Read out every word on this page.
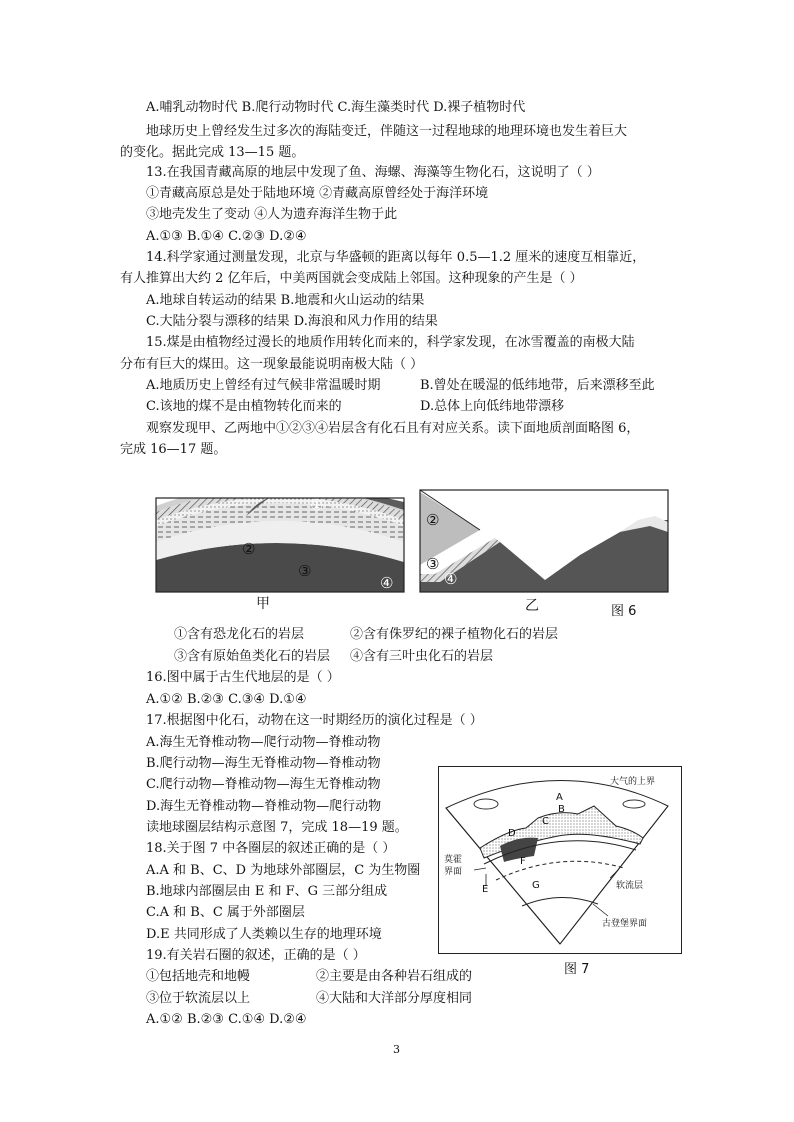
A.哺乳动物时代 B.爬行动物时代 C.海生藻类时代 D.裸子植物时代
地球历史上曾经发生过多次的海陆变迁，伴随这一过程地球的地理环境也发生着巨大
的变化。据此完成 13—15 题。
13.在我国青藏高原的地层中发现了鱼、海螺、海藻等生物化石，这说明了（ ）
①青藏高原总是处于陆地环境 ②青藏高原曾经处于海洋环境
③地壳发生了变动 ④人为遗弃海洋生物于此
A.①③ B.①④ C.②③ D.②④
14.科学家通过测量发现，北京与华盛顿的距离以每年 0.5—1.2 厘米的速度互相靠近，
有人推算出大约 2 亿年后，中美两国就会变成陆上邻国。这种现象的产生是（ ）
A.地球自转运动的结果 B.地震和火山运动的结果
C.大陆分裂与漂移的结果 D.海浪和风力作用的结果
15.煤是由植物经过漫长的地质作用转化而来的，科学家发现，在冰雪覆盖的南极大陆
分布有巨大的煤田。这一现象最能说明南极大陆（ ）
A.地质历史上曾经有过气候非常温暖时期	B.曾处在暖湿的低纬地带，后来漂移至此
C.该地的煤不是由植物转化而来的	D.总体上向低纬地带漂移
观察发现甲、乙两地中①②③④岩层含有化石且有对应关系。读下面地质剖面略图 6，
完成 16—17 题。
①
②
③
④
②
③
④
甲	乙	图 6
①含有恐龙化石的岩层	②含有侏罗纪的裸子植物化石的岩层
③含有原始鱼类化石的岩层 ④含有三叶虫化石的岩层
16.图中属于古生代地层的是（ ）
A.①② B.②③ C.③④ D.①④
17.根据图中化石，动物在这一时期经历的演化过程是（ ）
A.海生无脊椎动物—爬行动物—脊椎动物
B.爬行动物—海生无脊椎动物—脊椎动物
C.爬行动物—脊椎动物—海生无脊椎动物
D.海生无脊椎动物—脊椎动物—爬行动物
读地球圈层结构示意图 7，完成 18—19 题。
18.关于图 7 中各圈层的叙述正确的是（ ）
A.A 和 B、C、D 为地球外部圈层，C 为生物圈
B.地球内部圈层由 E 和 F、G 三部分组成
C.A 和 B、C 属于外部圈层
D.E 共同形成了人类赖以生存的地理环境
19.有关岩石圈的叙述，正确的是（ ）
①包括地壳和地幔	②主要是由各种岩石组成的
③位于软流层以上	④大陆和大洋部分厚度相同
A.①② B.②③ C.①④ D.②④
大气的上界
A
B
C
D
E
F
G
莫霍
界面
软流层
古登堡界面
图 7
3
